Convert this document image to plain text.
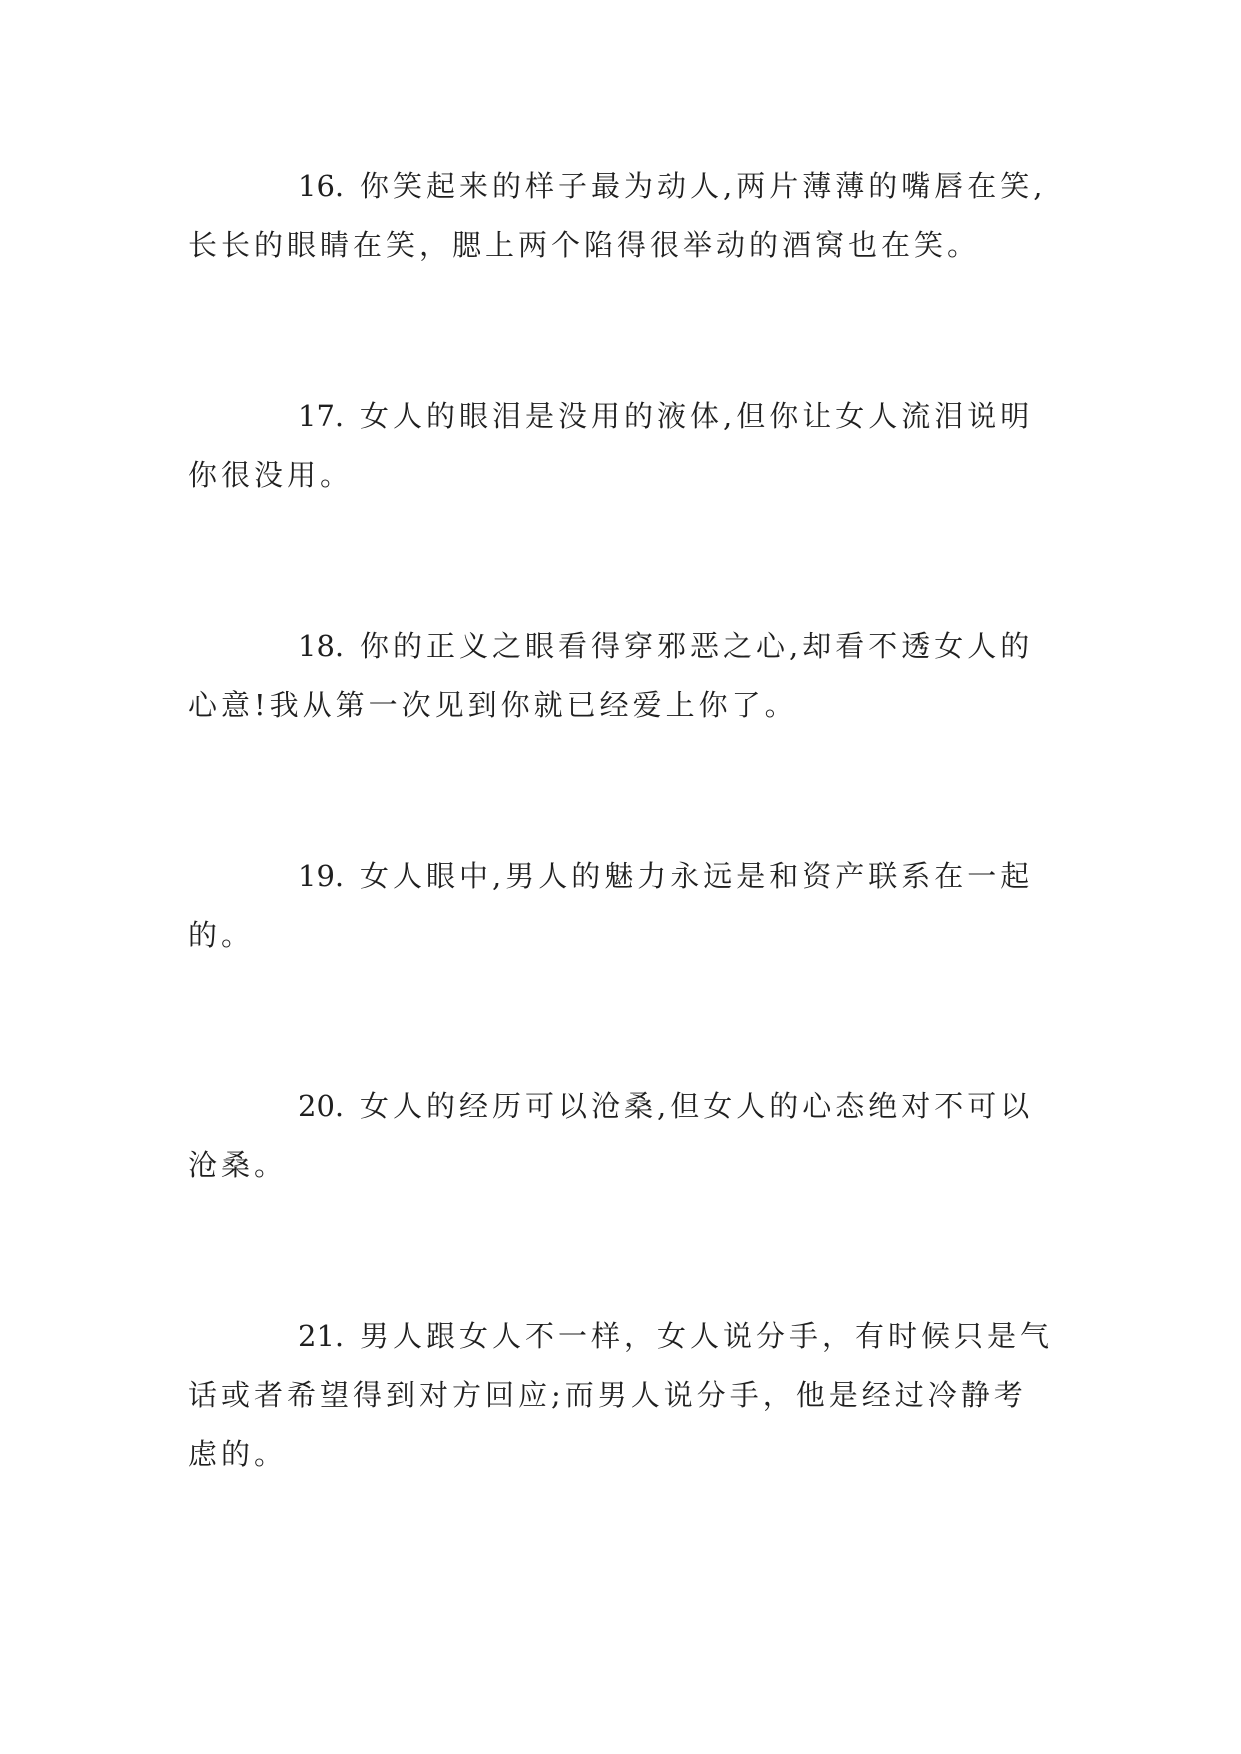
16. 你笑起来的样子最为动人,两片薄薄的嘴唇在笑,
长长的眼睛在笑，腮上两个陷得很举动的酒窝也在笑。

17. 女人的眼泪是没用的液体,但你让女人流泪说明
你很没用。

18. 你的正义之眼看得穿邪恶之心,却看不透女人的
心意!我从第一次见到你就已经爱上你了。

19. 女人眼中,男人的魅力永远是和资产联系在一起
的。

20. 女人的经历可以沧桑,但女人的心态绝对不可以
沧桑。

21. 男人跟女人不一样，女人说分手，有时候只是气
话或者希望得到对方回应;而男人说分手，他是经过冷静考
虑的。
